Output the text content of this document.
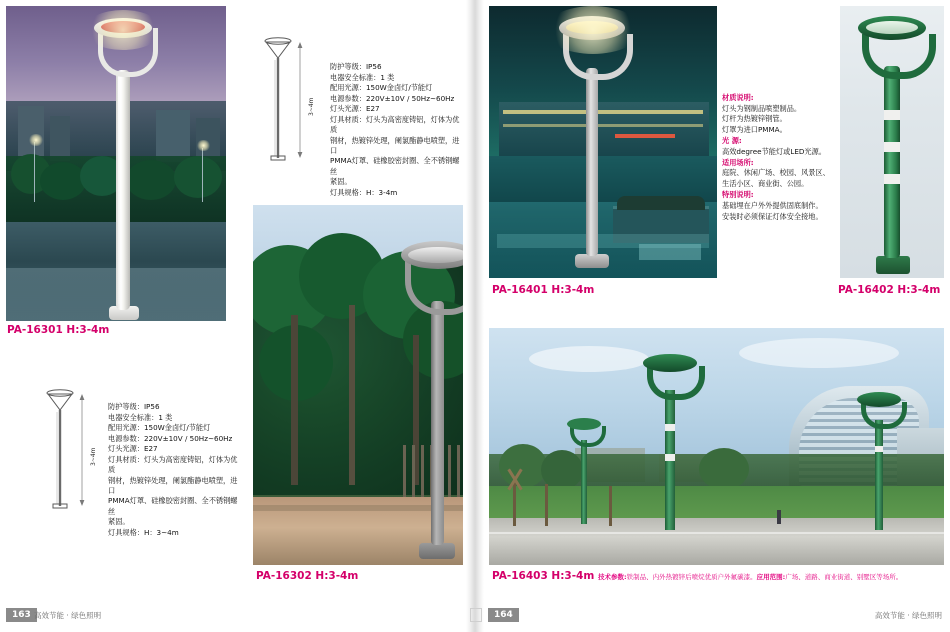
PA-16301 H:3-4m
3~4m

防护等级：IP56
电器安全标准：1 类
配用光源：150W金卤灯/节能灯
电源参数：220V±10V / 50Hz~60Hz
灯头光源：E27
灯具材质：灯头为高密度铸铝，灯体为优质
钢材，热镀锌处理，阑氯酯静电喷塑，进口
PMMA灯罩、硅橡胶密封圈、全不锈钢螺丝
紧固。
灯具规格：H：3-4m

3~4m

防护等级：IP56
电器安全标准：1 类
配用光源：150W金卤灯/节能灯
电源参数：220V±10V / 50Hz~60Hz
灯头光源：E27
灯具材质：灯头为高密度铸铝，灯体为优质
钢材，热镀锌处理，阑氯酯静电喷塑，进口
PMMA灯罩、硅橡胶密封圈、全不锈钢螺丝
紧固。
灯具规格：H：3~4m

PA-16302 H:3-4m
PA-16401 H:3-4m

材质说明:
灯头为钢制品喷塑制品。
灯杆为热镀锌钢管。
灯罩为进口PMMA。
光 源:
高效degree节能灯或LED光源。
适用场所:
庭院、休闲广场、校园、风景区、
生活小区、商业街、公园。
特别说明:
基础埋在户外外提供固底制作。
安装时必须保证灯体安全接地。

PA-16402 H:3-4m
PA-16403 H:3-4m 技术参数:铁制品、内外热镀锌后喷烷优质户外氟碳漆。应用范围:广场、道路、商业街道、别墅区等场所。
163 高效节能 · 绿色照明	164	高效节能 · 绿色照明
